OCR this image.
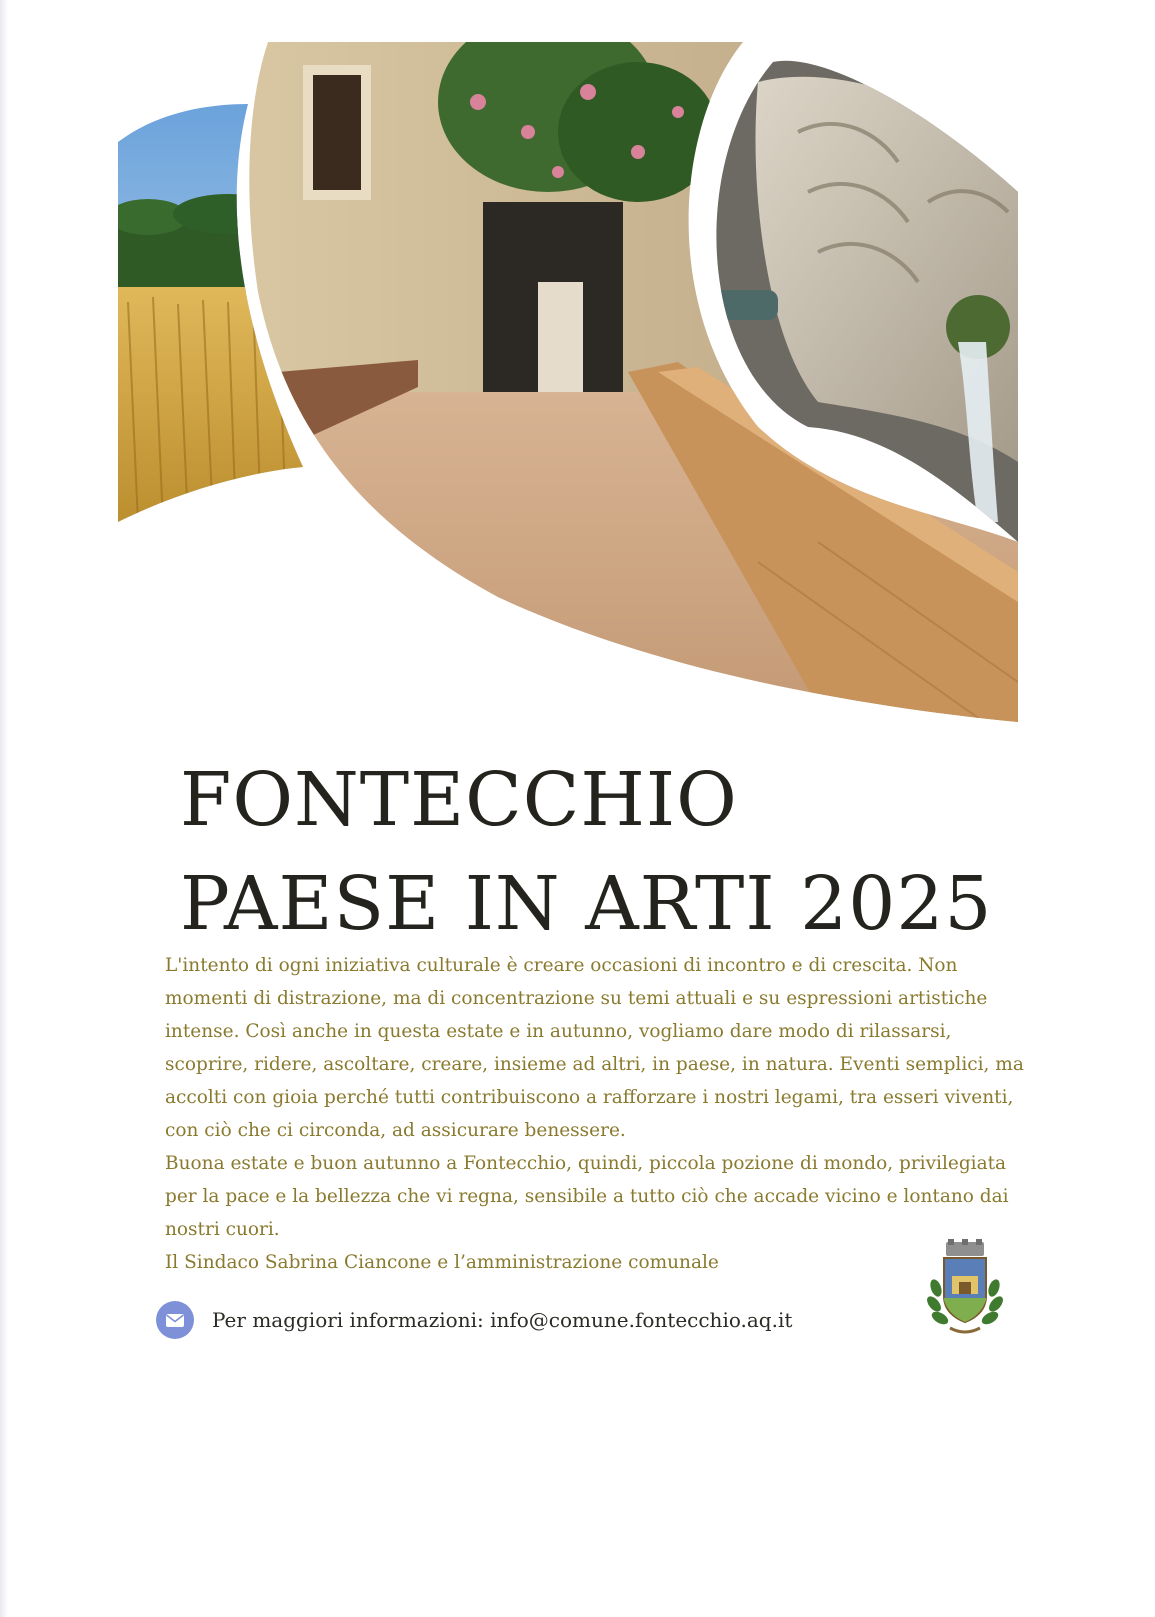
FONTECCHIO
PAESE IN ARTI 2025

L'intento di ogni iniziativa culturale è creare occasioni di incontro e di crescita. Non momenti di distrazione, ma di concentrazione su temi attuali e su espressioni artistiche intense. Così anche in questa estate e in autunno, vogliamo dare modo di rilassarsi, scoprire, ridere, ascoltare, creare, insieme ad altri, in paese, in natura. Eventi semplici, ma accolti con gioia perché tutti contribuiscono a rafforzare i nostri legami, tra esseri viventi, con ciò che ci circonda, ad assicurare benessere.

Buona estate e buon autunno a Fontecchio, quindi, piccola pozione di mondo, privilegiata per la pace e la bellezza che vi regna, sensibile a tutto ciò che accade vicino e lontano dai nostri cuori.

Il Sindaco Sabrina Ciancone e l’amministrazione comunale

Per maggiori informazioni: info@comune.fontecchio.aq.it
